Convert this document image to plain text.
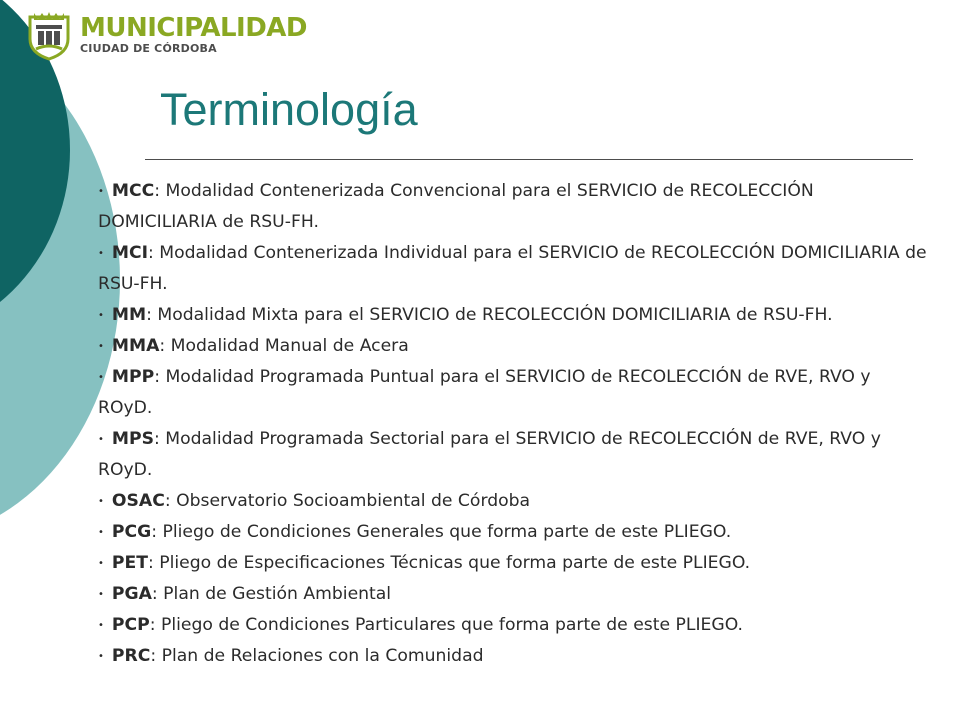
MUNICIPALIDAD
CIUDAD DE CÓRDOBA
Terminología
• MCC: Modalidad Contenerizada Convencional para el SERVICIO de RECOLECCIÓN DOMICILIARIA de RSU-FH.
• MCI: Modalidad Contenerizada Individual para el SERVICIO de RECOLECCIÓN DOMICILIARIA de RSU-FH.
• MM: Modalidad Mixta para el SERVICIO de RECOLECCIÓN DOMICILIARIA de RSU-FH.
• MMA: Modalidad Manual de Acera
• MPP: Modalidad Programada Puntual para el SERVICIO de RECOLECCIÓN de RVE, RVO y ROyD.
• MPS: Modalidad Programada Sectorial para el SERVICIO de RECOLECCIÓN de RVE, RVO y ROyD.
• OSAC: Observatorio Socioambiental de Córdoba
• PCG: Pliego de Condiciones Generales que forma parte de este PLIEGO.
• PET: Pliego de Especificaciones Técnicas que forma parte de este PLIEGO.
• PGA: Plan de Gestión Ambiental
• PCP: Pliego de Condiciones Particulares que forma parte de este PLIEGO.
• PRC: Plan de Relaciones con la Comunidad
